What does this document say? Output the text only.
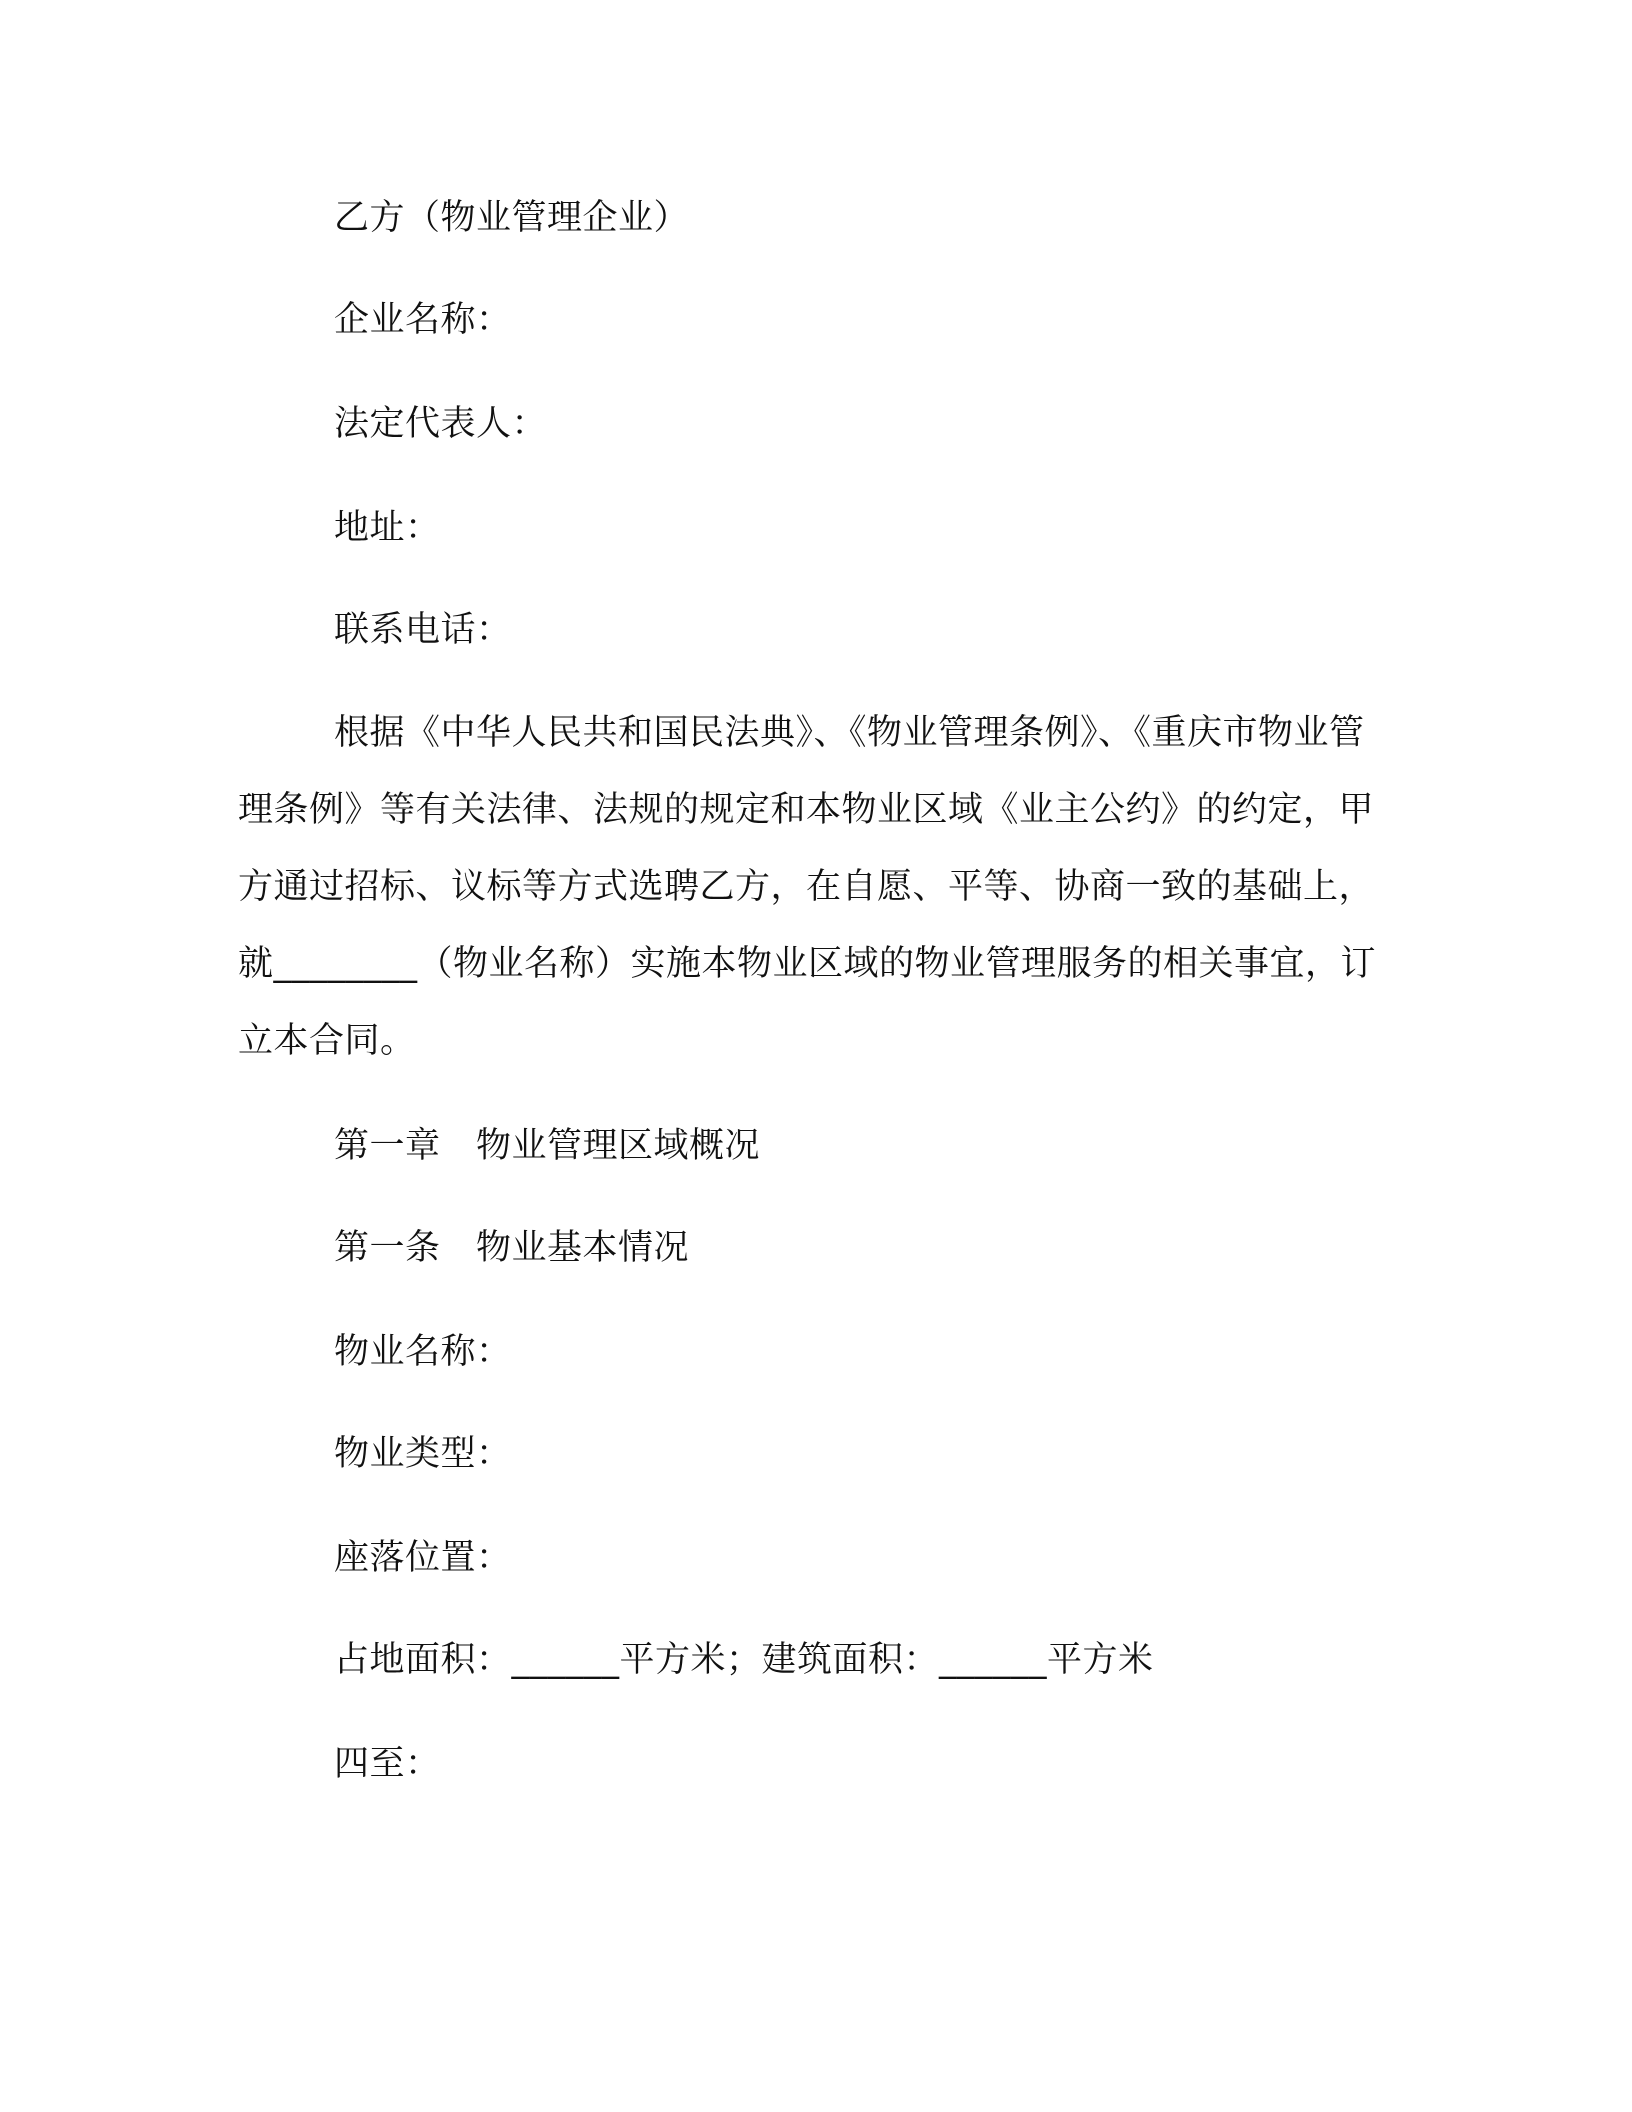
乙方（物业管理企业）
企业名称：
法定代表人：
地址：
联系电话：
根据《中华人民共和国民法典》、《物业管理条例》、《重庆市物业管理条例》等有关法律、法规的规定和本物业区域《业主公约》的约定，甲方通过招标、议标等方式选聘乙方，在自愿、平等、协商一致的基础上，就________（物业名称）实施本物业区域的物业管理服务的相关事宜，订立本合同。
第一章　物业管理区域概况
第一条　物业基本情况
物业名称：
物业类型：
座落位置：
占地面积：______平方米；建筑面积：______平方米
四至：
